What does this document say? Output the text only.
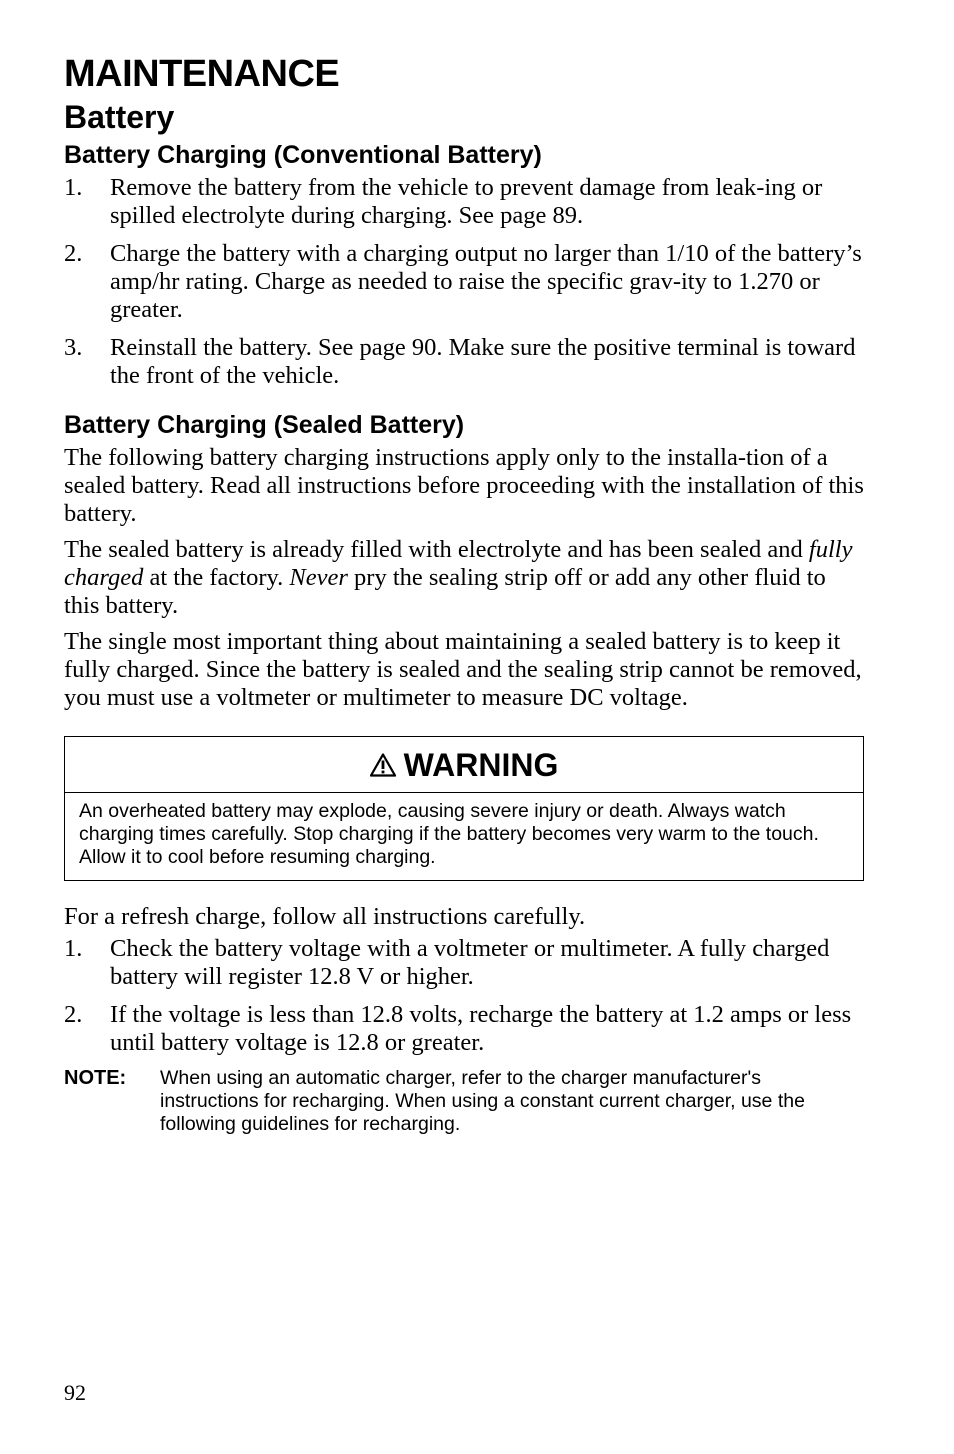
MAINTENANCE
Battery
Battery Charging (Conventional Battery)
1.	Remove the battery from the vehicle to prevent damage from leak-ing or spilled electrolyte during charging. See page 89.
2.	Charge the battery with a charging output no larger than 1/10 of the battery’s amp/hr rating. Charge as needed to raise the specific grav-ity to 1.270 or greater.
3.	Reinstall the battery. See page 90. Make sure the positive terminal is toward the front of the vehicle.
Battery Charging (Sealed Battery)

The following battery charging instructions apply only to the installa-tion of a sealed battery. Read all instructions before proceeding with the installation of this battery.

The sealed battery is already filled with electrolyte and has been sealed and fully charged at the factory. Never pry the sealing strip off or add any other fluid to this battery.

The single most important thing about maintaining a sealed battery is to keep it fully charged. Since the battery is sealed and the sealing strip cannot be removed, you must use a voltmeter or multimeter to measure DC voltage.

WARNING
An overheated battery may explode, causing severe injury or death. Always watch charging times carefully. Stop charging if the battery becomes very warm to the touch. Allow it to cool before resuming charging.

For a refresh charge, follow all instructions carefully.

1.	Check the battery voltage with a voltmeter or multimeter. A fully charged battery will register 12.8 V or higher.
2.	If the voltage is less than 12.8 volts, recharge the battery at 1.2 amps or less until battery voltage is 12.8 or greater.
NOTE: When using an automatic charger, refer to the charger manufacturer's instructions for recharging. When using a constant current charger, use the following guidelines for recharging.
92
